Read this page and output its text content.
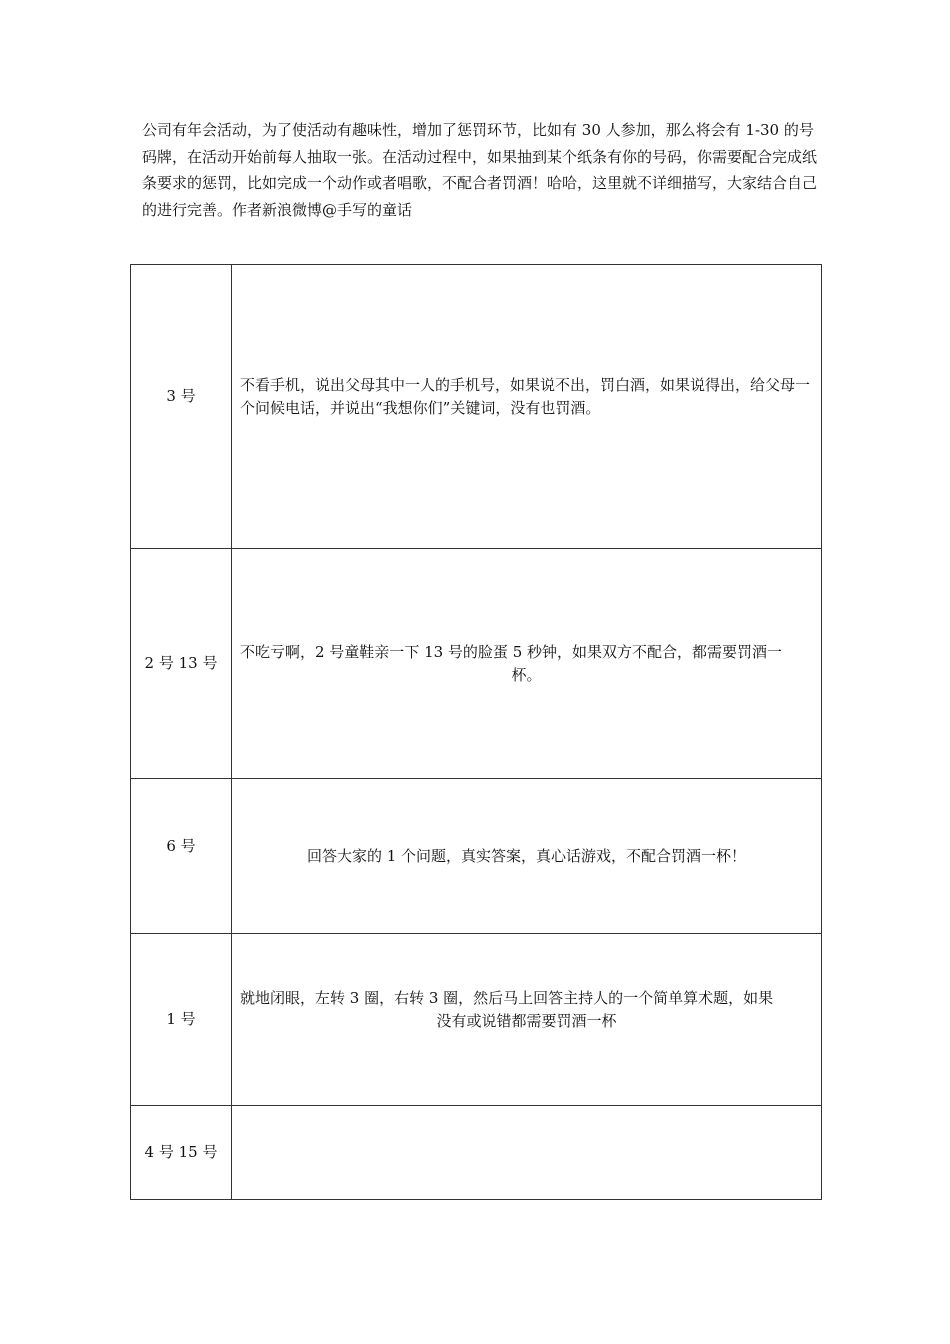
公司有年会活动，为了使活动有趣味性，增加了惩罚环节，比如有 30 人参加，那么将会有 1-30 的号码牌，在活动开始前每人抽取一张。在活动过程中，如果抽到某个纸条有你的号码，你需要配合完成纸条要求的惩罚，比如完成一个动作或者唱歌，不配合者罚酒！哈哈，这里就不详细描写，大家结合自己的进行完善。作者新浪微博@手写的童话

3 号	不看手机，说出父母其中一人的手机号，如果说不出，罚白酒，如果说得出，给父母一个问候电话，并说出“我想你们”关键词，没有也罚酒。

2 号 13 号	不吃亏啊，2 号童鞋亲一下 13 号的脸蛋 5 秒钟，如果双方不配合，都需要罚酒一
杯。

6 号	回答大家的 1 个问题，真实答案，真心话游戏，不配合罚酒一杯！
1 号	就地闭眼，左转 3 圈，右转 3 圈，然后马上回答主持人的一个简单算术题，如果
没有或说错都需要罚酒一杯

4 号 15 号	
